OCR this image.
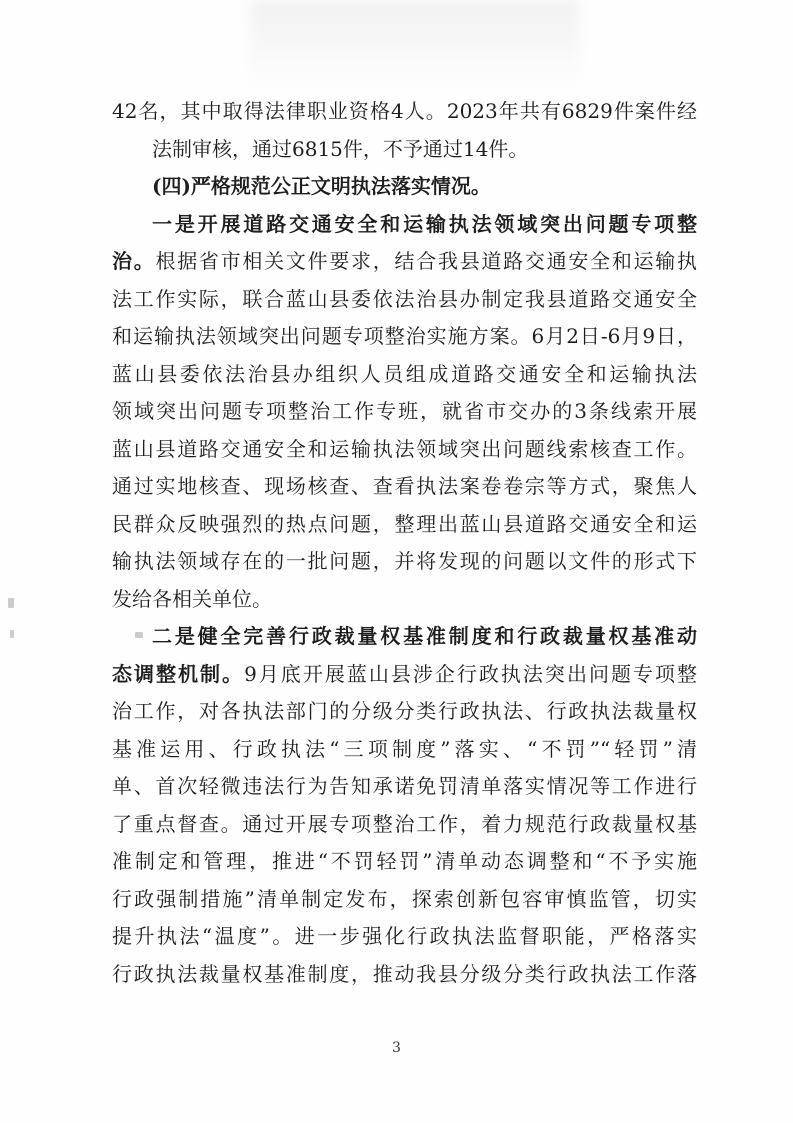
42名，其中取得法律职业资格4人。2023年共有6829件案件经
法制审核，通过6815件，不予通过14件。
(四)严格规范公正文明执法落实情况。
一是开展道路交通安全和运输执法领域突出问题专项整
治。根据省市相关文件要求，结合我县道路交通安全和运输执
法工作实际，联合蓝山县委依法治县办制定我县道路交通安全
和运输执法领域突出问题专项整治实施方案。6月2日-6月9日，
蓝山县委依法治县办组织人员组成道路交通安全和运输执法
领域突出问题专项整治工作专班，就省市交办的3条线索开展
蓝山县道路交通安全和运输执法领域突出问题线索核查工作。
通过实地核查、现场核查、查看执法案卷卷宗等方式，聚焦人
民群众反映强烈的热点问题，整理出蓝山县道路交通安全和运
输执法领域存在的一批问题，并将发现的问题以文件的形式下
发给各相关单位。
二是健全完善行政裁量权基准制度和行政裁量权基准动
态调整机制。9月底开展蓝山县涉企行政执法突出问题专项整
治工作，对各执法部门的分级分类行政执法、行政执法裁量权
基准运用、行政执法“三项制度”落实、“不罚”“轻罚”清
单、首次轻微违法行为告知承诺免罚清单落实情况等工作进行
了重点督查。通过开展专项整治工作，着力规范行政裁量权基
准制定和管理，推进“不罚轻罚”清单动态调整和“不予实施
行政强制措施”清单制定发布，探索创新包容审慎监管，切实
提升执法“温度”。进一步强化行政执法监督职能，严格落实
行政执法裁量权基准制度，推动我县分级分类行政执法工作落
3
